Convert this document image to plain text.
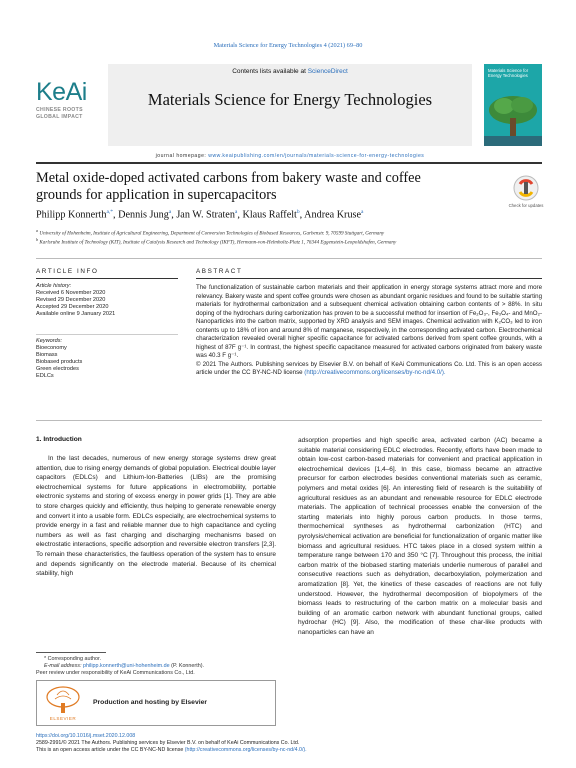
Materials Science for Energy Technologies 4 (2021) 69–80
KeAi
CHINESE ROOTS
GLOBAL IMPACT
Contents lists available at ScienceDirect
Materials Science for Energy Technologies
Materials Science for Energy Technologies
journal homepage: www.keaipublishing.com/en/journals/materials-science-for-energy-technologies
Metal oxide-doped activated carbons from bakery waste and coffee grounds for application in supercapacitors
Check for updates
Philipp Konnerth$^{a,*}$, Dennis Jung$^a$, Jan W. Straten$^a$, Klaus Raffelt$^b$, Andrea Kruse$^a$
$^a$ University of Hohenheim, Institute of Agricultural Engineering, Department of Conversion Technologies of Biobased Resources, Garbenstr. 9, 70599 Stuttgart, Germany
$^b$ Karlsruhe Institute of Technology (KIT), Institute of Catalysis Research and Technology (IKFT), Hermann-von-Helmholtz-Platz 1, 76344 Eggenstein-Leopoldshafen, Germany
ARTICLE INFO
Article history:
Received 6 November 2020
Revised 29 December 2020
Accepted 29 December 2020
Available online 9 January 2021
Keywords:
Bioeconomy
Biomass
Biobased products
Green electrodes
EDLCs
ABSTRACT

The functionalization of sustainable carbon materials and their application in energy storage systems attract more and more relevancy. Bakery waste and spent coffee grounds were chosen as abundant organic residues and found to be suitable starting materials for hydrothermal carbonization and a subsequent chemical activation obtaining carbon contents of > 88%. In situ doping of the hydrochars during carbonization has proven to be a successful method for insertion of Fe₂O₃-, Fe₃O₄- and MnO₂-Nanoparticles into the carbon matrix, supported by XRD analysis and SEM images. Chemical activation with K₂CO₃ led to iron contents up to 18% of iron and around 8% of manganese, respectively, in the corresponding activated carbon. Electrochemical characterization revealed overall higher specific capacitance for activated carbons derived from spent coffee grounds, with a highest of 87F g⁻¹. In contrast, the highest specific capacitance measured for activated carbons originated from bakery waste was 40.3 F g⁻¹.

© 2021 The Authors. Publishing services by Elsevier B.V. on behalf of KeAi Communications Co. Ltd. This is an open access article under the CC BY-NC-ND license (http://creativecommons.org/licenses/by-nc-nd/4.0/).

1. Introduction

In the last decades, numerous of new energy storage systems drew great attention, due to rising energy demands of global population. Electrical double layer capacitors (EDLCs) and Lithium-Ion-Batteries (LIBs) are the promising electrochemical systems for future applications in electromobility, portable electronic systems and storing of excess energy in power grids [1]. They are able to store charges quickly and efficiently, thus helping to generate renewable energy and convert it into a usable form. EDLCs especially, are electrochemical systems to provide energy in a fast and reliable manner due to high capacitance and cycling numbers as well as fast charging and discharging mechanisms based on electrostatic interactions, specific adsorption and reversible electron transfers [2,3]. To remain these characteristics, the faultless operation of the system has to ensure and depends significantly on the electrode material. Because of its chemical stability, high

adsorption properties and high specific area, activated carbon (AC) became a suitable material considering EDLC electrodes. Recently, efforts have been made to obtain low-cost carbon-based materials for convenient and practical application in electrochemical devices [1,4–6]. In this case, biomass became an attractive precursor for carbon electrodes besides conventional materials such as ceramic, polymers and metal oxides [6]. An interesting field of research is the suitability of agricultural residues as an abundant and renewable resource for EDLC electrode materials. The application of technical processes enable the conversion of the starting materials into highly porous carbon products. In those terms, thermochemical syntheses as hydrothermal carbonization (HTC) and pyrolysis/chemical activation are beneficial for functionalization of organic matter like biomass and agricultural residues. HTC takes place in a closed system within a temperature range between 170 and 350 °C [7]. Throughout this process, the initial carbon matrix of the biobased starting materials underlie numerous of parallel and consecutive reactions such as dehydration, decarboxylation, polymerization and aromatization [8]. Yet, the kinetics of these cascades of reactions are not fully understood. However, the hydrothermal decomposition of biopolymers of the biomass leads to restructuring of the carbon matrix on a molecular basis and building of an aromatic carbon network with abundant functional groups, called hydrochar (HC) [9]. Also, the modification of these char-like products with nanoparticles can have an

* Corresponding author.
E-mail address: philipp.konnerth@uni-hohenheim.de (P. Konnerth).
Peer review under responsibility of KeAi Communications Co., Ltd.
ELSEVIER
Production and hosting by Elsevier
https://doi.org/10.1016/j.mset.2020.12.008
2589-2991/© 2021 The Authors. Publishing services by Elsevier B.V. on behalf of KeAi Communications Co. Ltd.
This is an open access article under the CC BY-NC-ND license (http://creativecommons.org/licenses/by-nc-nd/4.0/).
